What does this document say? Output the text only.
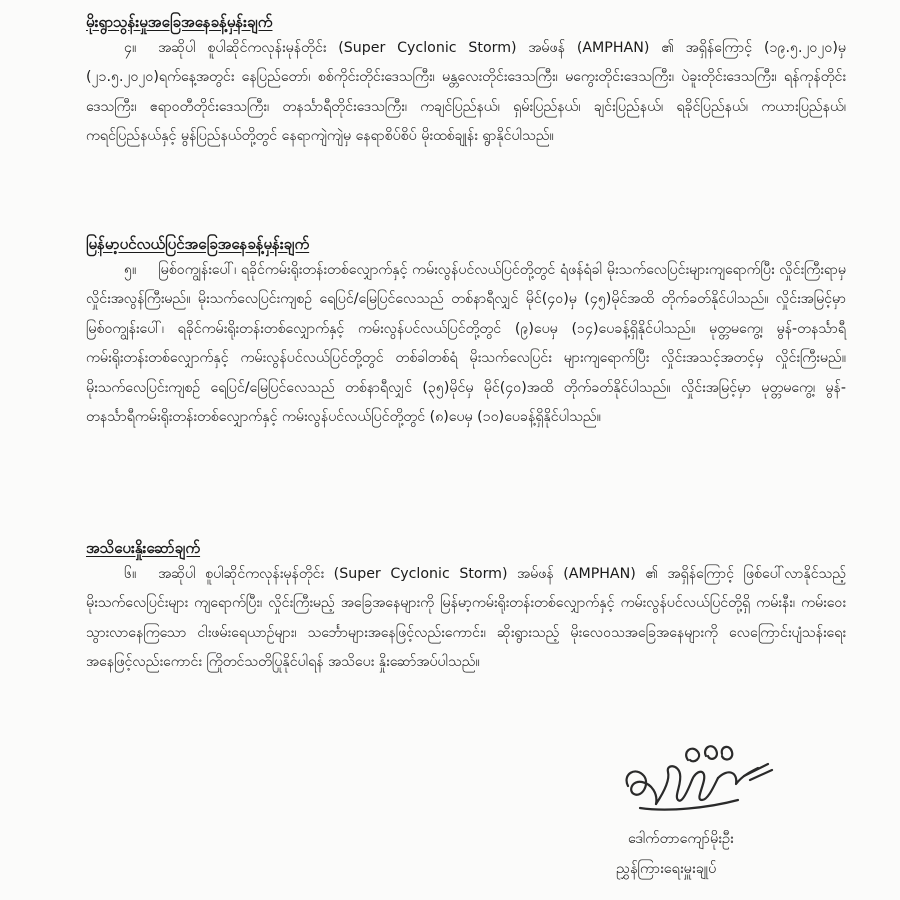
မိုးရွာသွန်းမှုအခြေအနေခန့်မှန်းချက်

၄။ အဆိုပါ စူပါဆိုင်ကလုန်းမုန်တိုင်း (Super Cyclonic Storm) အမ်ဖန် (AMPHAN) ၏ အရှိန်ကြောင့် (၁၉.၅.၂၀၂၀)မှ (၂၁.၅.၂၀၂၀)ရက်နေ့အတွင်း နေပြည်တော်၊ စစ်ကိုင်းတိုင်းဒေသကြီး၊ မန္တလေးတိုင်းဒေသကြီး၊ မကွေးတိုင်းဒေသကြီး၊ ပဲခူးတိုင်းဒေသကြီး၊ ရန်ကုန်တိုင်းဒေသကြီး၊ ဧရာဝတီတိုင်းဒေသကြီး၊ တနင်္သာရီတိုင်းဒေသကြီး၊ ကချင်ပြည်နယ်၊ ရှမ်းပြည်နယ်၊ ချင်းပြည်နယ်၊ ရခိုင်ပြည်နယ်၊ ကယားပြည်နယ်၊ ကရင်ပြည်နယ်နှင့် မွန်ပြည်နယ်တို့တွင် နေရာကျဲကျဲမှ နေရာစိပ်စိပ် မိုးထစ်ချုန်း ရွာနိုင်ပါသည်။

မြန်မာ့ပင်လယ်ပြင်အခြေအနေခန့်မှန်းချက်

၅။ မြစ်ဝကျွန်းပေါ်၊ ရခိုင်ကမ်းရိုးတန်းတစ်လျှောက်နှင့် ကမ်းလွန်ပင်လယ်ပြင်တို့တွင် ရံဖန်ရံခါ မိုးသက်လေပြင်းများကျရောက်ပြီး လှိုင်းကြီးရာမှ လှိုင်းအလွန်ကြီးမည်။ မိုးသက်လေပြင်းကျစဉ် ရေပြင်/မြေပြင်လေသည် တစ်နာရီလျှင် မိုင်(၄၀)မှ (၄၅)မိုင်အထိ တိုက်ခတ်နိုင်ပါသည်။ လှိုင်းအမြင့်မှာ မြစ်ဝကျွန်းပေါ်၊ ရခိုင်ကမ်းရိုးတန်းတစ်လျှောက်နှင့် ကမ်းလွန်ပင်လယ်ပြင်တို့တွင် (၉)ပေမှ (၁၄)ပေခန့်ရှိနိုင်ပါသည်။ မုတ္တမကွေ့၊ မွန်-တနင်္သာရီကမ်းရိုးတန်းတစ်လျှောက်နှင့် ကမ်းလွန်ပင်လယ်ပြင်တို့တွင် တစ်ခါတစ်ရံ မိုးသက်လေပြင်း များကျရောက်ပြီး လှိုင်းအသင့်အတင့်မှ လှိုင်းကြီးမည်။ မိုးသက်လေပြင်းကျစဉ် ရေပြင်/မြေပြင်လေသည် တစ်နာရီလျှင် (၃၅)မိုင်မှ မိုင်(၄၀)အထိ တိုက်ခတ်နိုင်ပါသည်။ လှိုင်းအမြင့်မှာ မုတ္တမကွေ့၊ မွန်-တနင်္သာရီကမ်းရိုးတန်းတစ်လျှောက်နှင့် ကမ်းလွန်ပင်လယ်ပြင်တို့တွင် (၈)ပေမှ (၁၀)ပေခန့်ရှိနိုင်ပါသည်။

အသိပေးနှိုးဆော်ချက်

၆။ အဆိုပါ စူပါဆိုင်ကလုန်းမုန်တိုင်း (Super Cyclonic Storm) အမ်ဖန် (AMPHAN) ၏ အရှိန်ကြောင့် ဖြစ်ပေါ်လာနိုင်သည့် မိုးသက်လေပြင်းများ ကျရောက်ပြီး၊ လှိုင်းကြီးမည့် အခြေအနေများကို မြန်မာ့ကမ်းရိုးတန်းတစ်လျှောက်နှင့် ကမ်းလွန်ပင်လယ်ပြင်တို့ရှိ ကမ်းနီး၊ ကမ်းဝေး သွားလာနေကြသော ငါးဖမ်းရေယာဉ်များ၊ သင်္ဘောများအနေဖြင့်လည်းကောင်း၊ ဆိုးရွားသည့် မိုးလေဝသအခြေအနေများကို လေကြောင်းပျံသန်းရေးအနေဖြင့်လည်းကောင်း ကြိုတင်သတိပြုနိုင်ပါရန် အသိပေး နှိုးဆော်အပ်ပါသည်။

ဒေါက်တာကျော်မိုးဦး
ညွှန်ကြားရေးမှူးချုပ်
